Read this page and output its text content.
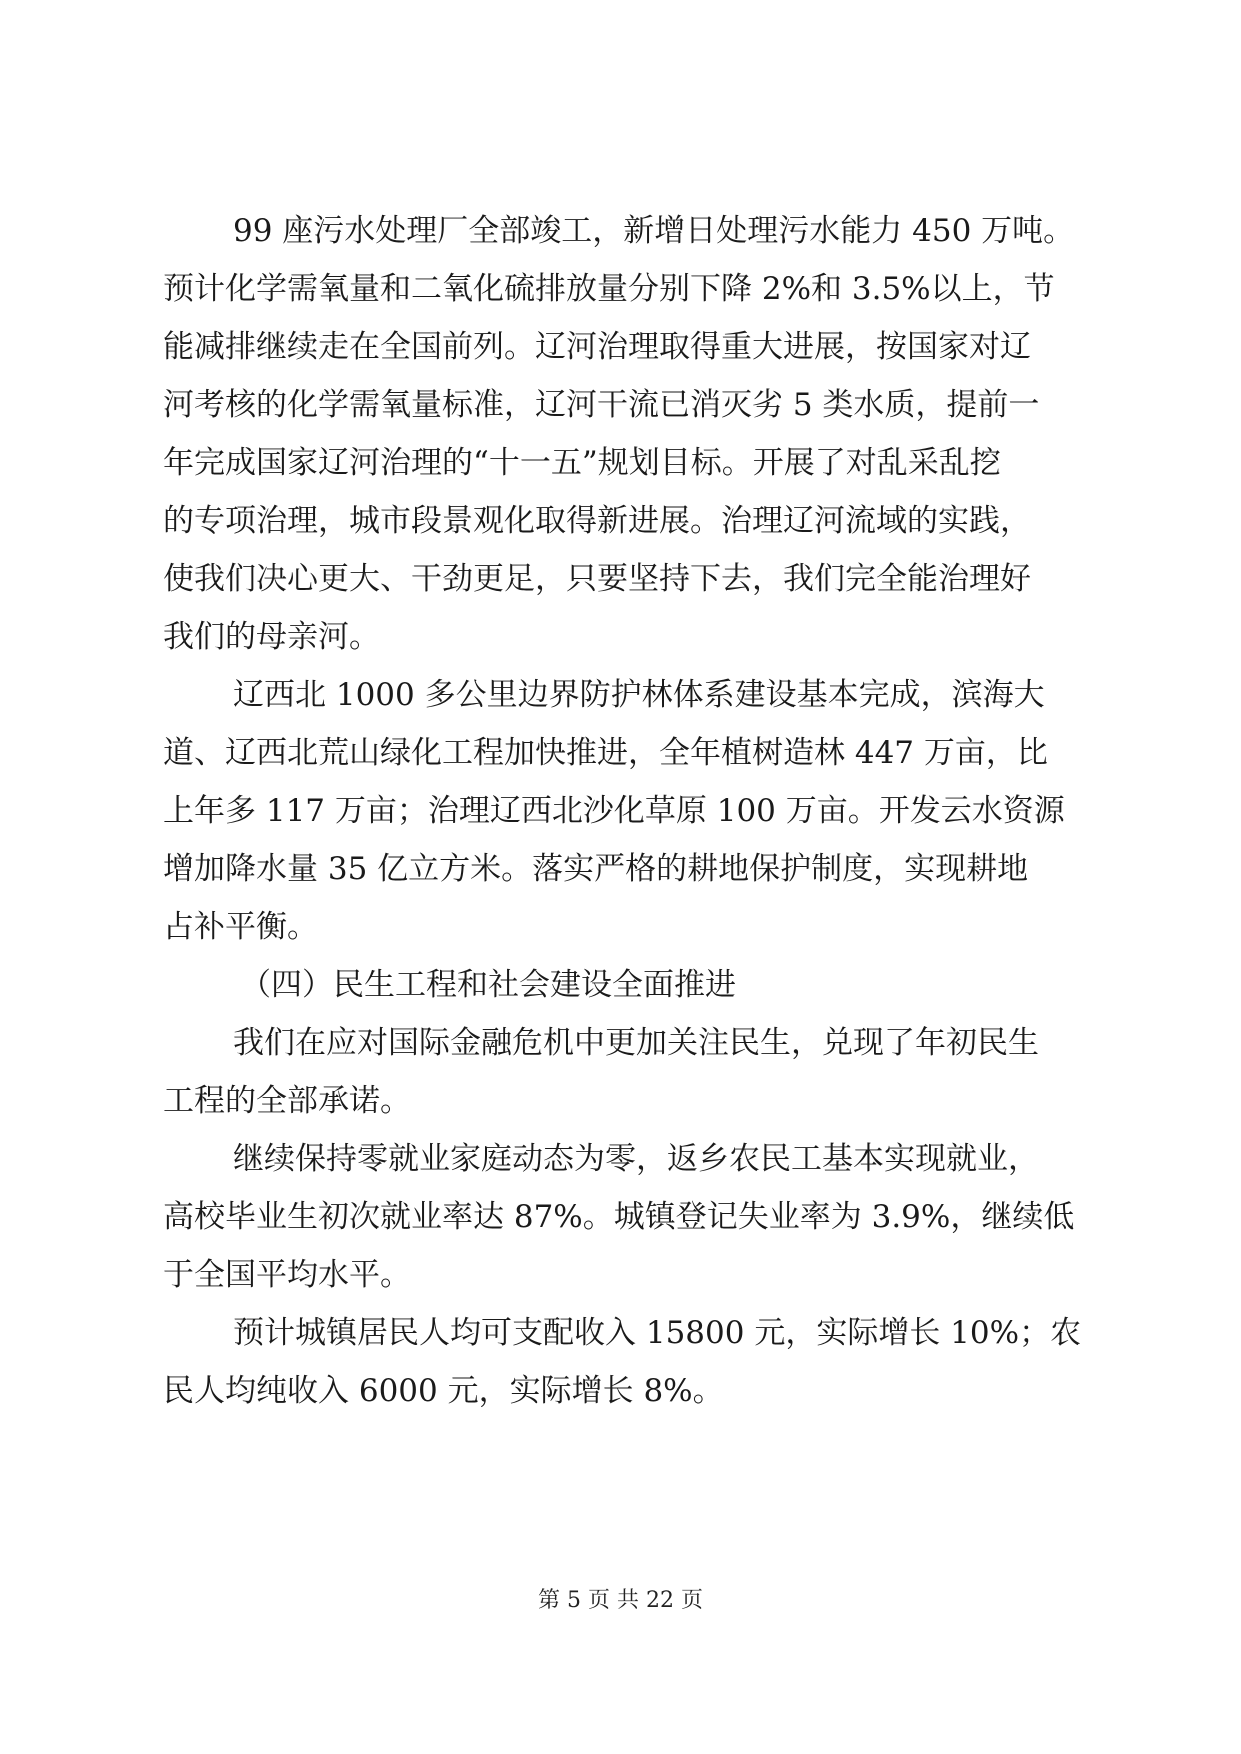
99 座污水处理厂全部竣工，新增日处理污水能力 450 万吨。
预计化学需氧量和二氧化硫排放量分别下降 2%和 3.5%以上，节
能减排继续走在全国前列。辽河治理取得重大进展，按国家对辽
河考核的化学需氧量标准，辽河干流已消灭劣 5 类水质，提前一
年完成国家辽河治理的“十一五”规划目标。开展了对乱采乱挖
的专项治理，城市段景观化取得新进展。治理辽河流域的实践，
使我们决心更大、干劲更足，只要坚持下去，我们完全能治理好
我们的母亲河。
辽西北 1000 多公里边界防护林体系建设基本完成，滨海大
道、辽西北荒山绿化工程加快推进，全年植树造林 447 万亩，比
上年多 117 万亩；治理辽西北沙化草原 100 万亩。开发云水资源
增加降水量 35 亿立方米。落实严格的耕地保护制度，实现耕地
占补平衡。
（四）民生工程和社会建设全面推进
我们在应对国际金融危机中更加关注民生，兑现了年初民生
工程的全部承诺。
继续保持零就业家庭动态为零，返乡农民工基本实现就业，
高校毕业生初次就业率达 87%。城镇登记失业率为 3.9%，继续低
于全国平均水平。
预计城镇居民人均可支配收入 15800 元，实际增长 10%；农
民人均纯收入 6000 元，实际增长 8%。
第 5 页 共 22 页
